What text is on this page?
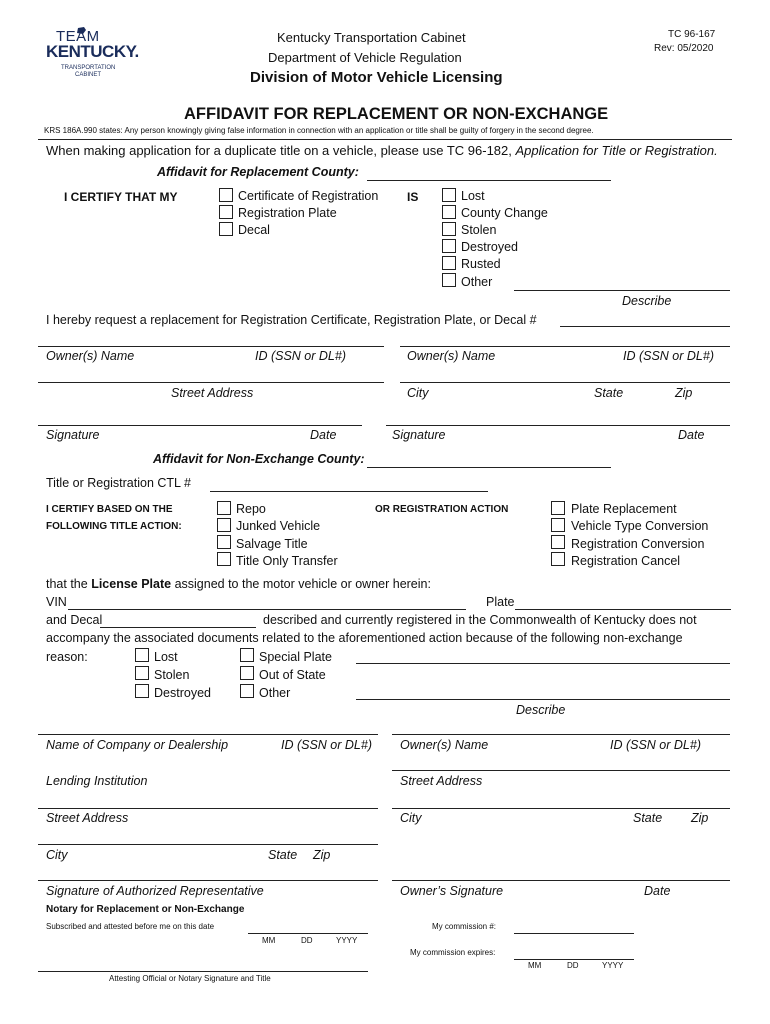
TEAM
KENTUCKY.
TRANSPORTATION
CABINET
Kentucky Transportation Cabinet
Department of Vehicle Regulation
Division of Motor Vehicle Licensing
TC 96-167
Rev: 05/2020
AFFIDAVIT FOR REPLACEMENT OR NON-EXCHANGE
KRS 186A.990 states: Any person knowingly giving false information in connection with an application or title shall be guilty of forgery in the second degree.
When making application for a duplicate title on a vehicle, please use TC 96-182, Application for Title or Registration.
Affidavit for Replacement County:
I CERTIFY THAT MY	Certificate of Registration
Registration Plate
Decal
IS	Lost
County Change
Stolen
Destroyed
Rusted
Other
Describe
I hereby request a replacement for Registration Certificate, Registration Plate, or Decal #
Owner(s) Name	ID (SSN or DL#)	Owner(s) Name	ID (SSN or DL#)
Street Address	City	State	Zip
Signature	Date	Signature	Date
Affidavit for Non-Exchange County:
Title or Registration CTL #
I CERTIFY BASED ON THE
FOLLOWING TITLE ACTION:
Repo
Junked Vehicle
Salvage Title
Title Only Transfer
OR REGISTRATION ACTION	Plate Replacement
Vehicle Type Conversion
Registration Conversion
Registration Cancel
that the License Plate assigned to the motor vehicle or owner herein:
VIN	Plate
and Decal	described and currently registered in the Commonwealth of Kentucky does not
accompany the associated documents related to the aforementioned action because of the following non-exchange
reason:	Lost
Stolen
Destroyed
Special Plate
Out of State
Other
Describe
Name of Company or Dealership	ID (SSN or DL#) Owner(s) Name	ID (SSN or DL#)
Lending Institution	Street Address
Street Address	City	State Zip
City	State Zip
Signature of Authorized Representative	Owner’s Signature	Date
Notary for Replacement or Non-Exchange
Subscribed and attested before me on this date
MM	DD	YYYY
My commission #:
My commission expires:
MM	DD	YYYY
Attesting Official or Notary Signature and Title
